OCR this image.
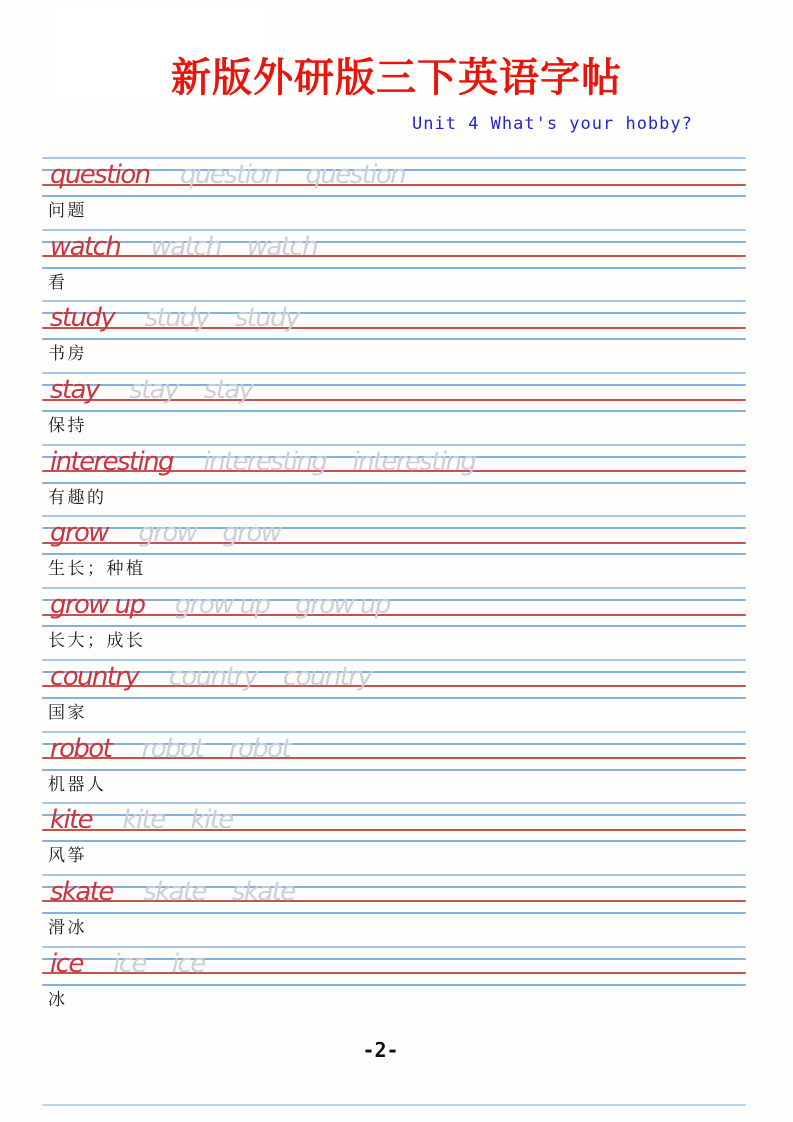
新版外研版三下英语字帖
Unit 4 What's your hobby?
question question question
问题
watch watch watch
看
study study study
书房
stay stay stay
保持
interesting interesting interesting
有趣的
grow grow grow
生长；种植
grow up grow up grow up
长大；成长
country country country
国家
robot robot robot
机器人
kite kite kite
风筝
skate skate skate
滑冰
ice ice ice
冰
-2-
